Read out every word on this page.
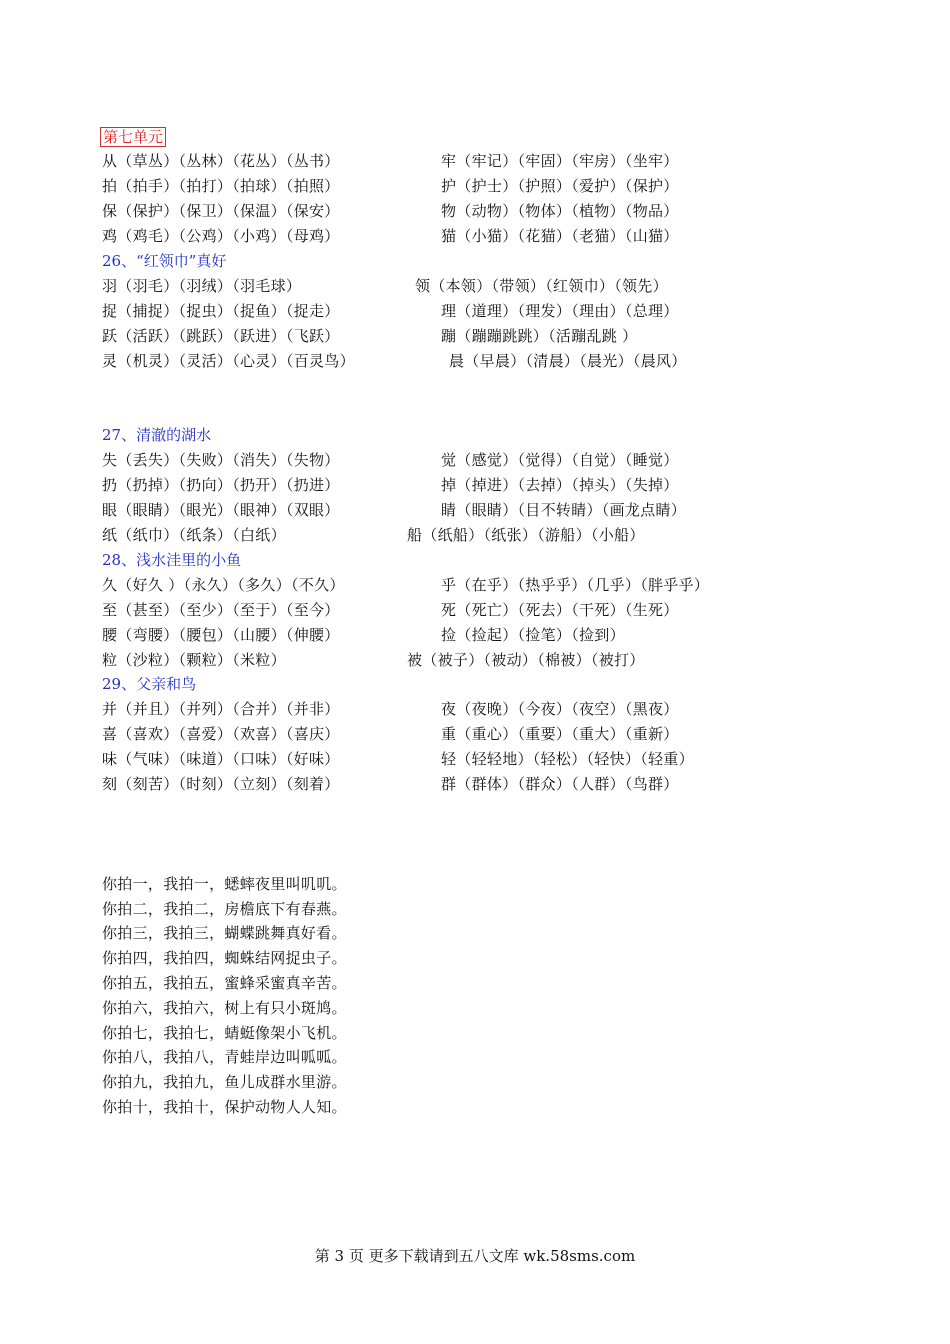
第七单元
从（草丛）（丛林）（花丛）（丛书）	牢（牢记）（牢固）（牢房）（坐牢）
拍（拍手）（拍打）（拍球）（拍照）	护（护士）（护照）（爱护）（保护）
保（保护）（保卫）（保温）（保安）	物（动物）（物体）（植物）（物品）
鸡（鸡毛）（公鸡）（小鸡）（母鸡）	猫（小猫）（花猫）（老猫）（山猫）
26、“红领巾”真好
羽（羽毛）（羽绒）（羽毛球）	领（本领）（带领）（红领巾）（领先）
捉（捕捉）（捉虫）（捉鱼）（捉走）	理（道理）（理发）（理由）（总理）
跃（活跃）（跳跃）（跃进）（飞跃）	蹦（蹦蹦跳跳）（活蹦乱跳 ）
灵（机灵）（灵活）（心灵）（百灵鸟）	晨（早晨）（清晨）（晨光）（晨风）
27、清澈的湖水
失（丢失）（失败）（消失）（失物）	觉（感觉）（觉得）（自觉）（睡觉）
扔（扔掉）（扔向）（扔开）（扔进）	掉（掉进）（去掉）（掉头）（失掉）
眼（眼睛）（眼光）（眼神）（双眼）	睛（眼睛）（目不转睛）（画龙点睛）
纸（纸巾）（纸条）（白纸）	船（纸船）（纸张）（游船）（小船）
28、浅水洼里的小鱼
久（好久 ）（永久）（多久）（不久）	乎（在乎）（热乎乎）（几乎）（胖乎乎）
至（甚至）（至少）（至于）（至今）	死（死亡）（死去）（干死）（生死）
腰（弯腰）（腰包）（山腰）（伸腰）	捡（捡起）（捡笔）（捡到）
粒（沙粒）（颗粒）（米粒）	被（被子）（被动）（棉被）（被打）
29、父亲和鸟
并（并且）（并列）（合并）（并非）	夜（夜晚）（今夜）（夜空）（黑夜）
喜（喜欢）（喜爱）（欢喜）（喜庆）	重（重心）（重要）（重大）（重新）
味（气味）（味道）（口味）（好味）	轻（轻轻地）（轻松）（轻快）（轻重）
刻（刻苦）（时刻）（立刻）（刻着）	群（群体）（群众）（人群）（鸟群）
你拍一，我拍一，蟋蟀夜里叫叽叽。
你拍二，我拍二，房檐底下有春燕。
你拍三，我拍三，蝴蝶跳舞真好看。
你拍四，我拍四，蜘蛛结网捉虫子。
你拍五，我拍五，蜜蜂采蜜真辛苦。
你拍六，我拍六，树上有只小斑鸠。
你拍七，我拍七，蜻蜓像架小飞机。
你拍八，我拍八，青蛙岸边叫呱呱。
你拍九，我拍九，鱼儿成群水里游。
你拍十，我拍十，保护动物人人知。
第 3 页 更多下载请到五八文库 wk.58sms.com
